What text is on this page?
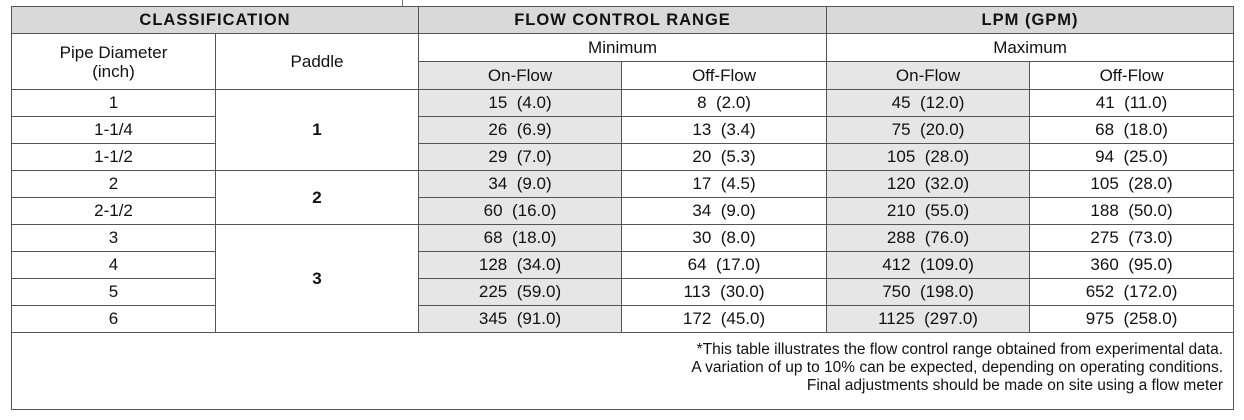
CLASSIFICATION		FLOW CONTROL RANGE		LPM (GPM)	
Pipe Diameter
(inch)	Paddle	Minimum		Maximum	
		On-Flow	Off-Flow	On-Flow	Off-Flow
1	1	15  (4.0)	8  (2.0)	45  (12.0)	41  (11.0)
1-1/4		26  (6.9)	13  (3.4)	75  (20.0)	68  (18.0)
1-1/2		29  (7.0)	20  (5.3)	105  (28.0)	94  (25.0)
2	2	34  (9.0)	17  (4.5)	120  (32.0)	105  (28.0)
2-1/2		60  (16.0)	34  (9.0)	210  (55.0)	188  (50.0)
3	3	68  (18.0)	30  (8.0)	288  (76.0)	275  (73.0)
4		128  (34.0)	64  (17.0)	412  (109.0)	360  (95.0)
5		225  (59.0)	113  (30.0)	750  (198.0)	652  (172.0)
6		345  (91.0)	172  (45.0)	1125  (297.0)	975  (258.0)

*This table illustrates the flow control range obtained from experimental data.
A variation of up to 10% can be expected, depending on operating conditions.
Final adjustments should be made on site using a flow meter					
